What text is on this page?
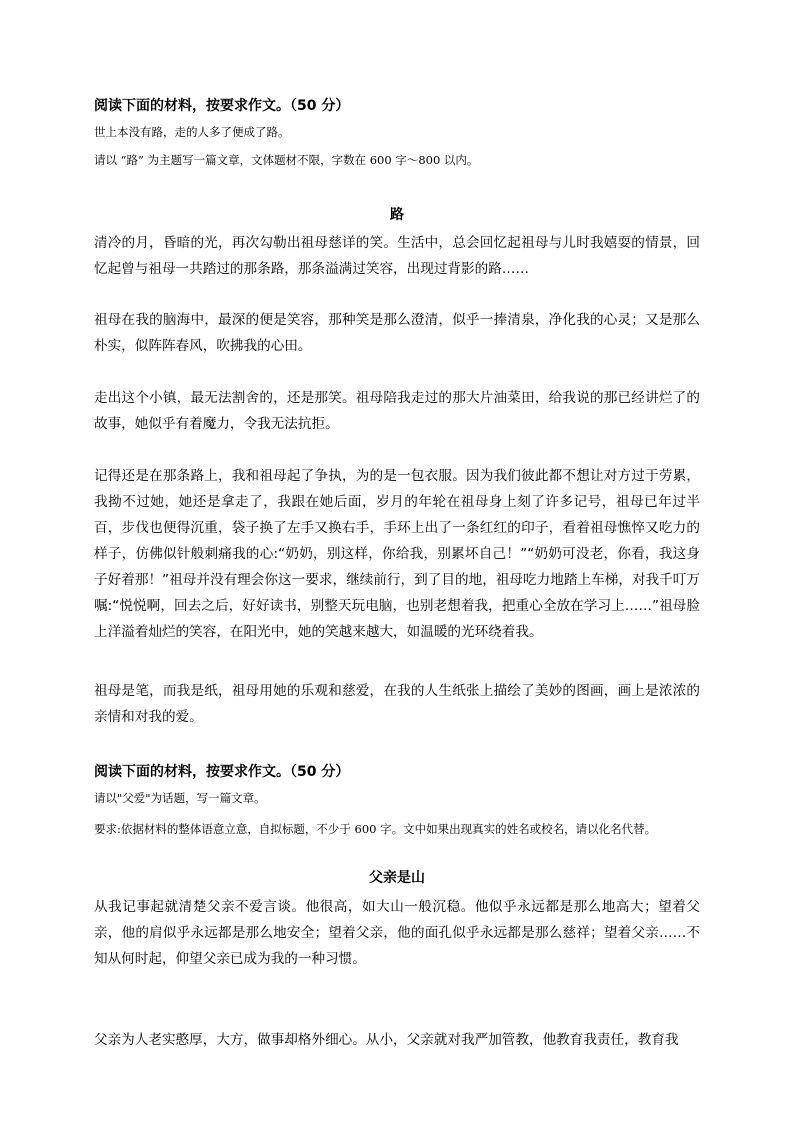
阅读下面的材料，按要求作文。（50 分）

世上本没有路，走的人多了便成了路。

请以 “路” 为主题写一篇文章，文体题材不限，字数在 600 字～800 以内。

路

清冷的月，昏暗的光，再次勾勒出祖母慈详的笑。生活中，总会回忆起祖母与儿时我嬉耍的情景，回忆起曾与祖母一共踏过的那条路，那条溢满过笑容，出现过背影的路……

祖母在我的脑海中，最深的便是笑容，那种笑是那么澄清，似乎一捧清泉，净化我的心灵；又是那么朴实，似阵阵春风，吹拂我的心田。

走出这个小镇，最无法割舍的，还是那笑。祖母陪我走过的那大片油菜田，给我说的那已经讲烂了的故事，她似乎有着魔力，令我无法抗拒。

记得还是在那条路上，我和祖母起了争执，为的是一包衣服。因为我们彼此都不想让对方过于劳累，我拗不过她，她还是拿走了，我跟在她后面，岁月的年轮在祖母身上刻了许多记号，祖母已年过半百，步伐也便得沉重，袋子换了左手又换右手，手环上出了一条红红的印子，看着祖母憔悴又吃力的样子，仿佛似针般刺痛我的心:“奶奶，别这样，你给我，别累坏自己！”“奶奶可没老，你看，我这身子好着那！”祖母并没有理会你这一要求，继续前行，到了目的地，祖母吃力地踏上车梯，对我千叮万嘱:“悦悦啊，回去之后，好好读书，别整天玩电脑，也别老想着我，把重心全放在学习上……”祖母脸上洋溢着灿烂的笑容，在阳光中，她的笑越来越大，如温暖的光环绕着我。

祖母是笔，而我是纸，祖母用她的乐观和慈爱，在我的人生纸张上描绘了美妙的图画，画上是浓浓的亲情和对我的爱。

阅读下面的材料，按要求作文。（50 分）

请以"父爱"为话题，写一篇文章。

要求:依据材料的整体语意立意，自拟标题，不少于 600 字。文中如果出现真实的姓名或校名，请以化名代替。

父亲是山

从我记事起就清楚父亲不爱言谈。他很高，如大山一般沉稳。他似乎永远都是那么地高大；望着父亲，他的肩似乎永远都是那么地安全；望着父亲，他的面孔似乎永远都是那么慈祥；望着父亲……不知从何时起，仰望父亲已成为我的一种习惯。

父亲为人老实憨厚，大方，做事却格外细心。从小，父亲就对我严加管教，他教育我责任，教育我
